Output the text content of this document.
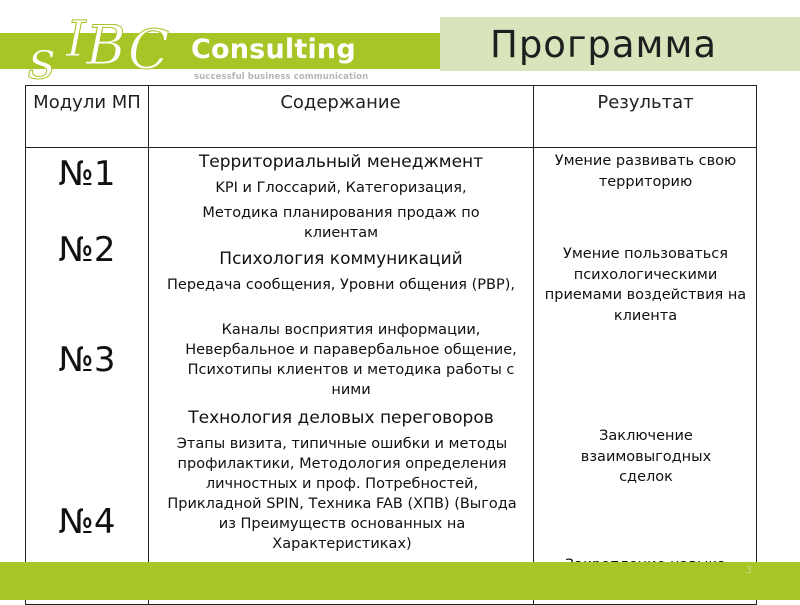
s I B C Consulting
successful business communication
Программа
Модули МП	Содержание	Результат
№1
№2
№3
№4
Территориальный менеджмент
KPI и Глоссарий, Категоризация,
Методика планирования продаж по клиентам
Психология коммуникаций
Передача сообщения, Уровни общения (PBP),
Каналы восприятия информации, Невербальное и паравербальное общение, Психотипы клиентов и методика работы с ними
Технология деловых переговоров
Этапы визита, типичные ошибки и методы профилактики, Методология определения личностных и проф. Потребностей, Прикладной SPIN, Техника FAB (ХПВ) (Выгода из Преимуществ основанных на Характеристиках)
Умение развивать свою территорию
Умение пользоваться психологическими приемами воздействия на клиента
Заключение взаимовыгодных сделок
3
